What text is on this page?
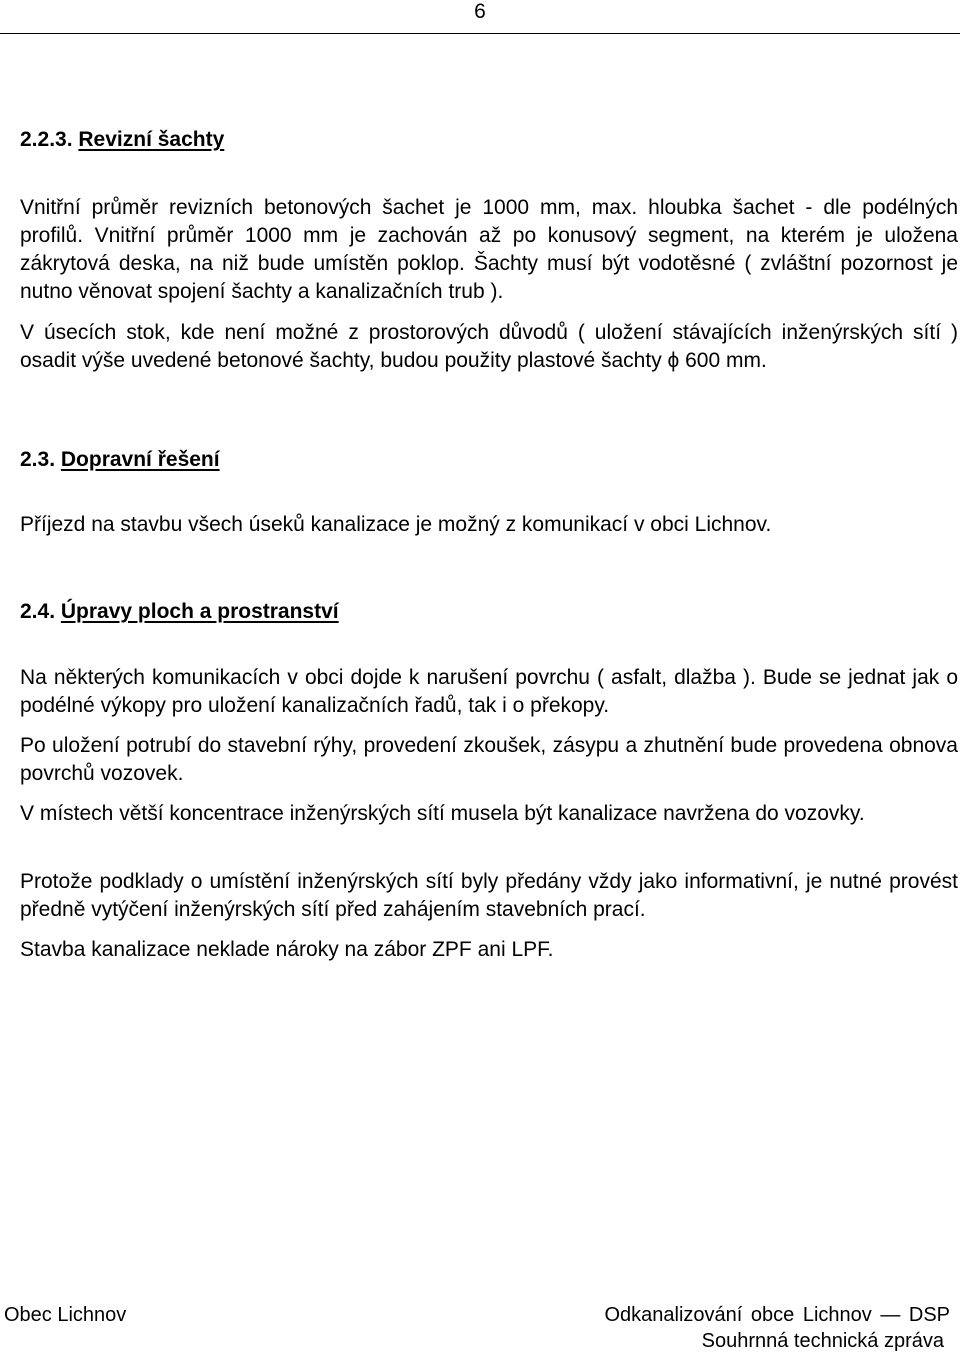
6
2.2.3. Revizní šachty

Vnitřní průměr revizních betonových šachet je 1000 mm, max. hloubka šachet - dle podélných profilů. Vnitřní průměr 1000 mm je zachován až po konusový segment, na kterém je uložena zákrytová deska, na niž bude umístěn poklop. Šachty musí být vodotěsné ( zvláštní pozornost je nutno věnovat spojení šachty a kanalizačních trub ).

V úsecích stok, kde není možné z prostorových důvodů ( uložení stávajících inženýrských sítí ) osadit výše uvedené betonové šachty, budou použity plastové šachty ϕ 600 mm.

2.3. Dopravní řešení

Příjezd na stavbu všech úseků kanalizace je možný z komunikací v obci Lichnov.

2.4. Úpravy ploch a prostranství

Na některých komunikacích v obci dojde k narušení povrchu ( asfalt, dlažba ). Bude se jednat jak o podélné výkopy pro uložení kanalizačních řadů, tak i o překopy.

Po uložení potrubí do stavební rýhy, provedení zkoušek, zásypu a zhutnění bude provedena obnova povrchů vozovek.

V místech větší koncentrace inženýrských sítí musela být kanalizace navržena do vozovky.

Protože podklady o umístění inženýrských sítí byly předány vždy jako informativní, je nutné provést předně vytýčení inženýrských sítí před zahájením stavebních prací.

Stavba kanalizace neklade nároky na zábor ZPF ani LPF.

Obec Lichnov	Odkanalizování obce Lichnov — DSP
Souhrnná technická zpráva
